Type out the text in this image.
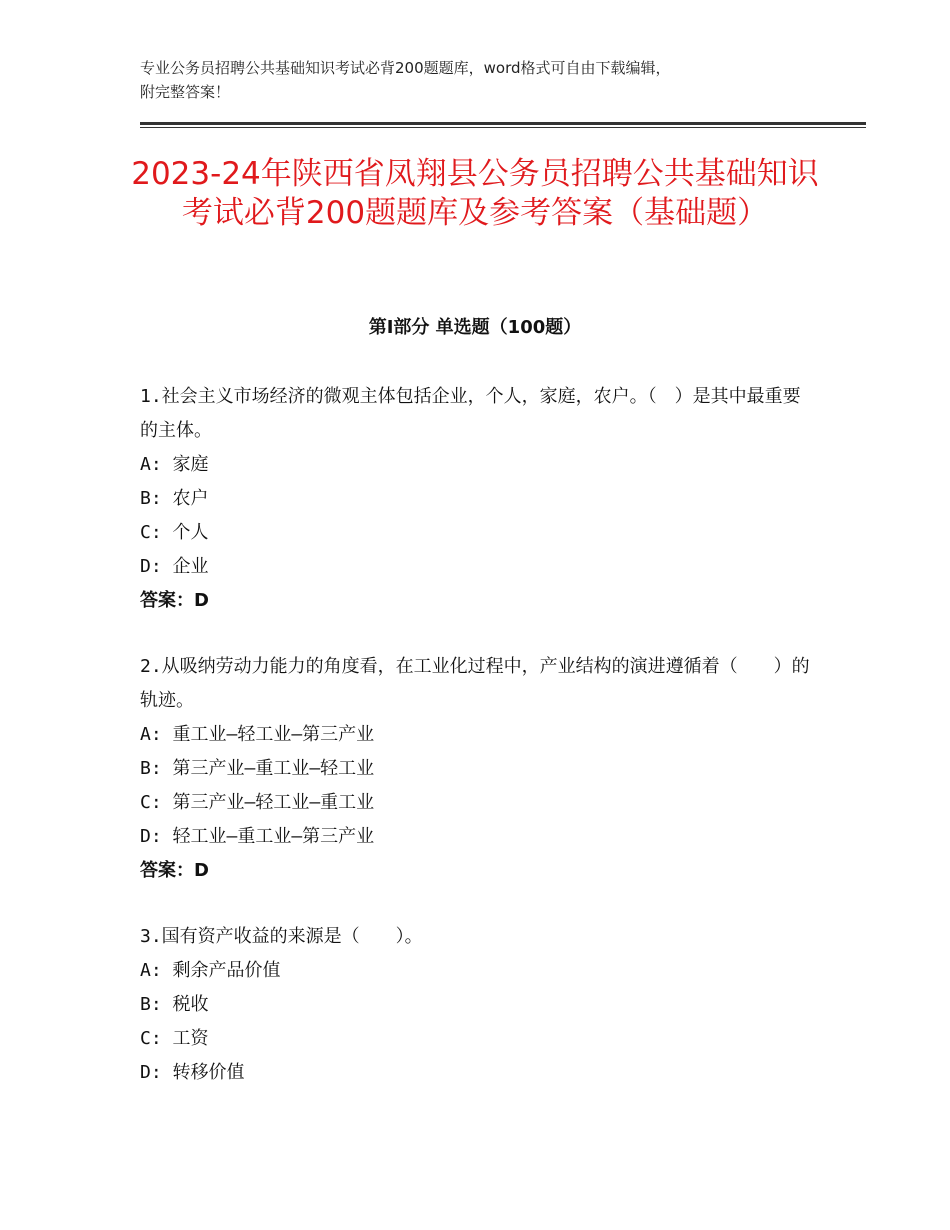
专业公务员招聘公共基础知识考试必背200题题库，word格式可自由下载编辑，
附完整答案！
2023-24年陕西省凤翔县公务员招聘公共基础知识考试必背200题题库及参考答案（基础题）
第Ⅰ部分 单选题（100题）

1.社会主义市场经济的微观主体包括企业，个人，家庭，农户。（　）是其中最重要的主体。

A: 家庭

B: 农户

C: 个人

D: 企业

答案：D

2.从吸纳劳动力能力的角度看，在工业化过程中，产业结构的演进遵循着（　　）的轨迹。

A: 重工业—轻工业—第三产业

B: 第三产业—重工业—轻工业

C: 第三产业—轻工业—重工业

D: 轻工业—重工业—第三产业

答案：D

3.国有资产收益的来源是（　　）。

A: 剩余产品价值

B: 税收

C: 工资

D: 转移价值
